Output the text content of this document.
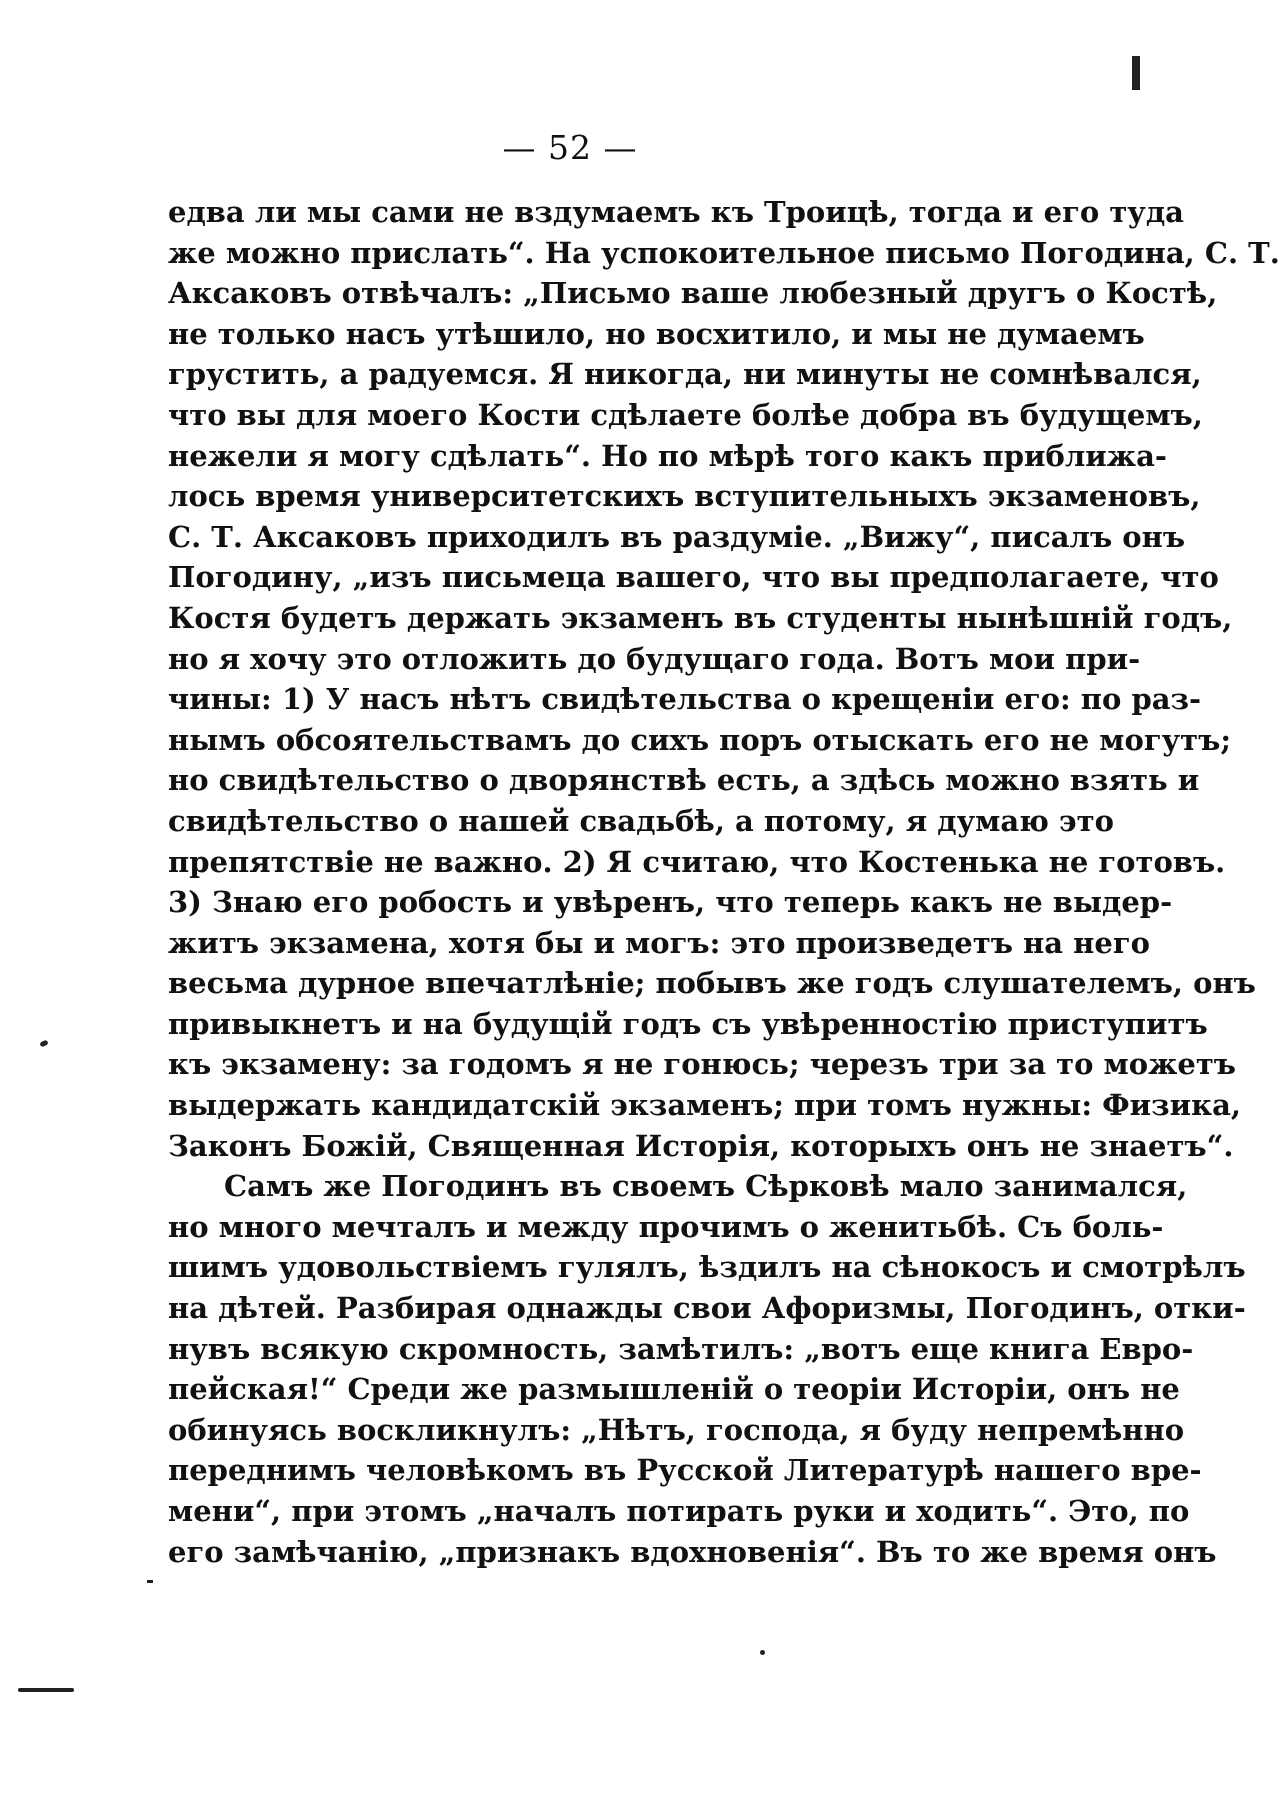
— 52 —
едва ли мы сами не вздумаемъ къ Троицѣ, тогда и его туда
же можно прислать“. На успокоительное письмо Погодина, С. Т.
Аксаковъ отвѣчалъ: „Письмо ваше любезный другъ о Костѣ,
не только насъ утѣшило, но восхитило, и мы не думаемъ
грустить, а радуемся. Я никогда, ни минуты не сомнѣвался,
что вы для моего Кости сдѣлаете болѣе добра въ будущемъ,
нежели я могу сдѣлать“. Но по мѣрѣ того какъ приближа-
лось время университетскихъ вступительныхъ экзаменовъ,
С. Т. Аксаковъ приходилъ въ раздуміе. „Вижу“, писалъ онъ
Погодину, „изъ письмеца вашего, что вы предполагаете, что
Костя будетъ держать экзаменъ въ студенты нынѣшній годъ,
но я хочу это отложить до будущаго года. Вотъ мои при-
чины: 1) У насъ нѣтъ свидѣтельства о крещеніи его: по раз-
нымъ обсоятельствамъ до сихъ поръ отыскать его не могутъ;
но свидѣтельство о дворянствѣ есть, а здѣсь можно взять и
свидѣтельство о нашей свадьбѣ, а потому, я думаю это
препятствіе не важно. 2) Я считаю, что Костенька не готовъ.
3) Знаю его робость и увѣренъ, что теперь какъ не выдер-
житъ экзамена, хотя бы и могъ: это произведетъ на него
весьма дурное впечатлѣніе; побывъ же годъ слушателемъ, онъ
привыкнетъ и на будущій годъ съ увѣренностію приступитъ
къ экзамену: за годомъ я не гонюсь; черезъ три за то можетъ
выдержать кандидатскій экзаменъ; при томъ нужны: Физика,
Законъ Божій, Священная Исторія, которыхъ онъ не знаетъ“.
Самъ же Погодинъ въ своемъ Сѣрковѣ мало занимался,
но много мечталъ и между прочимъ о женитьбѣ. Съ боль-
шимъ удовольствіемъ гулялъ, ѣздилъ на сѣнокосъ и смотрѣлъ
на дѣтей. Разбирая однажды свои Афоризмы, Погодинъ, отки-
нувъ всякую скромность, замѣтилъ: „вотъ еще книга Евро-
пейская!“ Среди же размышленій о теоріи Исторіи, онъ не
обинуясь воскликнулъ: „Нѣтъ, господа, я буду непремѣнно
переднимъ человѣкомъ въ Русской Литературѣ нашего вре-
мени“, при этомъ „началъ потирать руки и ходить“. Это, по
его замѣчанію, „признакъ вдохновенія“. Въ то же время онъ
